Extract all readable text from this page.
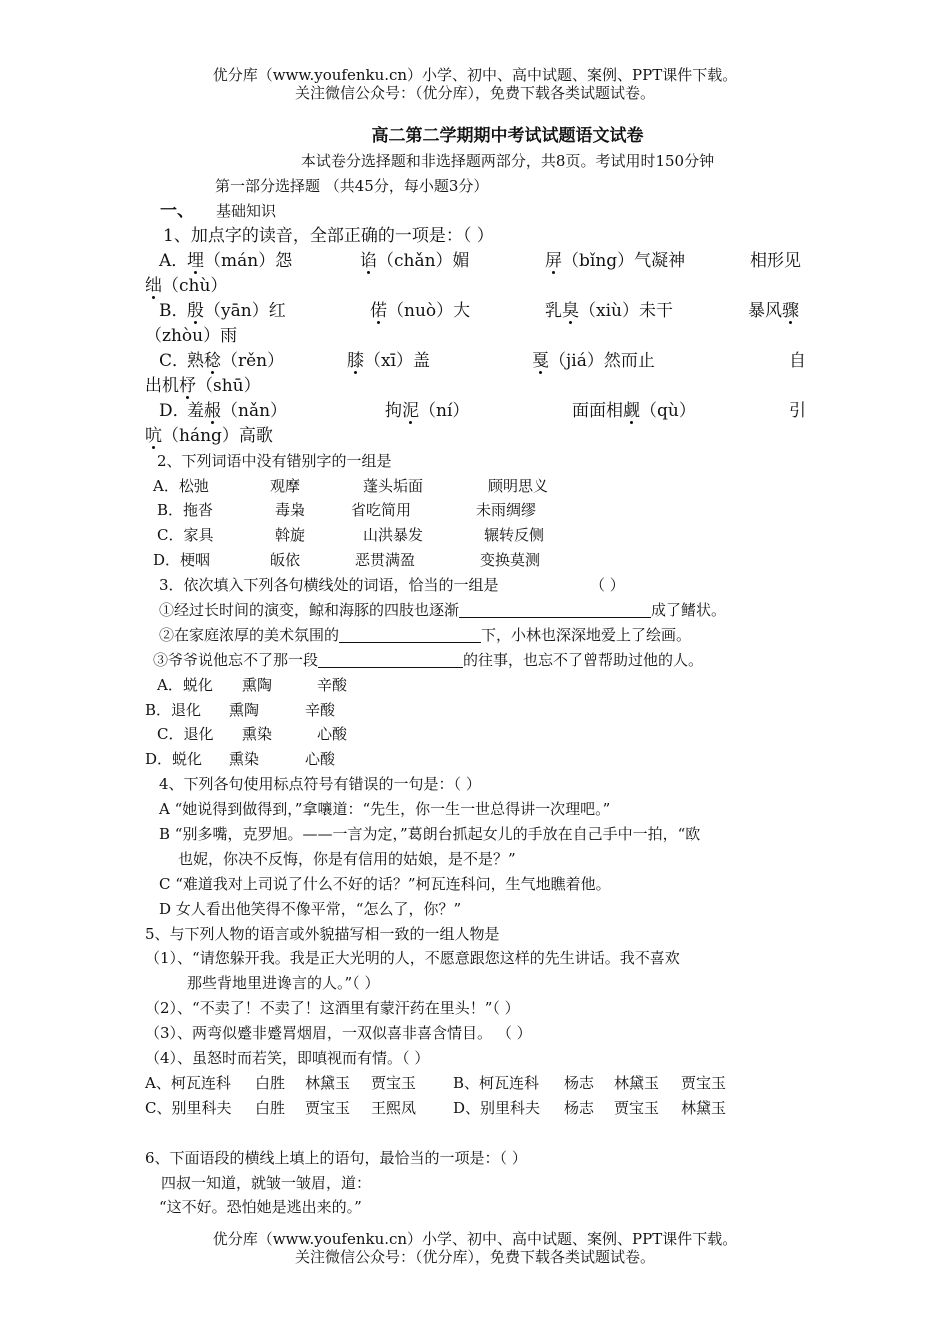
优分库（www.youfenku.cn）小学、初中、高中试题、案例、PPT课件下载。
关注微信公众号：（优分库），免费下载各类试题试卷。
高二第二学期期中考试试题语文试卷
本试卷分选择题和非选择题两部分，共8页。考试用时150分钟
第一部分选择题 （共45分，每小题3分）
一、 基础知识
1、加点字的读音，全部正确的一项是：（ ）
A．
埋（mán）怨	谄（chǎn）媚	屏（bǐng）气凝神	相形见
绌（chù）
B．
殷（yān）红	偌（nuò）大	乳臭（xiù）未干	暴风骤
（zhòu）雨
C．
熟稔（rěn）	膝（xī）盖	戛（jiá）然而止	自
出机杼（shū）
D．
羞赧（nǎn）	拘泥（ní）	面面相觑（qù）	引
吭（háng）高歌
2、下列词语中没有错别字的一组是
A．松弛	观摩	蓬头垢面	顾明思义
B．拖沓	毒枭	省吃简用	未雨绸缪
C．家具	斡旋	山洪暴发	辗转反侧
D．梗咽	皈依	恶贯满盈	变换莫测
3．依次填入下列各句横线处的词语，恰当的一组是	（ ）
①经过长时间的演变，鲸和海豚的四肢也逐渐	成了鳍状。
②在家庭浓厚的美术氛围的	下，小林也深深地爱上了绘画。
③爷爷说他忘不了那一段	的往事，也忘不了曾帮助过他的人。
A．蜕化 熏陶	辛酸
B．退化 熏陶	辛酸
C．退化 熏染	心酸
D．蜕化 熏染	心酸
4、下列各句使用标点符号有错误的一句是：（ ）
A “她说得到做得到，”拿嚷道：“先生，你一生一世总得讲一次理吧。”
B “别多嘴，克罗旭。——一言为定，”葛朗台抓起女儿的手放在自己手中一拍，“欧
也妮，你决不反悔，你是有信用的姑娘，是不是？”
C “难道我对上司说了什么不好的话？”柯瓦连科问，生气地瞧着他。
D 女人看出他笑得不像平常，“怎么了，你？”
5、与下列人物的语言或外貌描写相一致的一组人物是
（1）、“请您躲开我。我是正大光明的人，不愿意跟您这样的先生讲话。我不喜欢
那些背地里进谗言的人。”（ ）
（2）、“不卖了！不卖了！这酒里有蒙汗药在里头！”（ ）
（3）、两弯似蹙非蹙罥烟眉，一双似喜非喜含情目。 （ ）
（4）、虽怒时而若笑，即嗔视而有情。（ ）
A、柯瓦连科 白胜 林黛玉 贾宝玉 B、柯瓦连科 杨志 林黛玉 贾宝玉
C、别里科夫 白胜 贾宝玉 王熙凤 D、别里科夫 杨志 贾宝玉 林黛玉
6、下面语段的横线上填上的语句，最恰当的一项是：（ ）
四叔一知道，就皱一皱眉，道：
“这不好。恐怕她是逃出来的。”
优分库（www.youfenku.cn）小学、初中、高中试题、案例、PPT课件下载。
关注微信公众号：（优分库），免费下载各类试题试卷。
